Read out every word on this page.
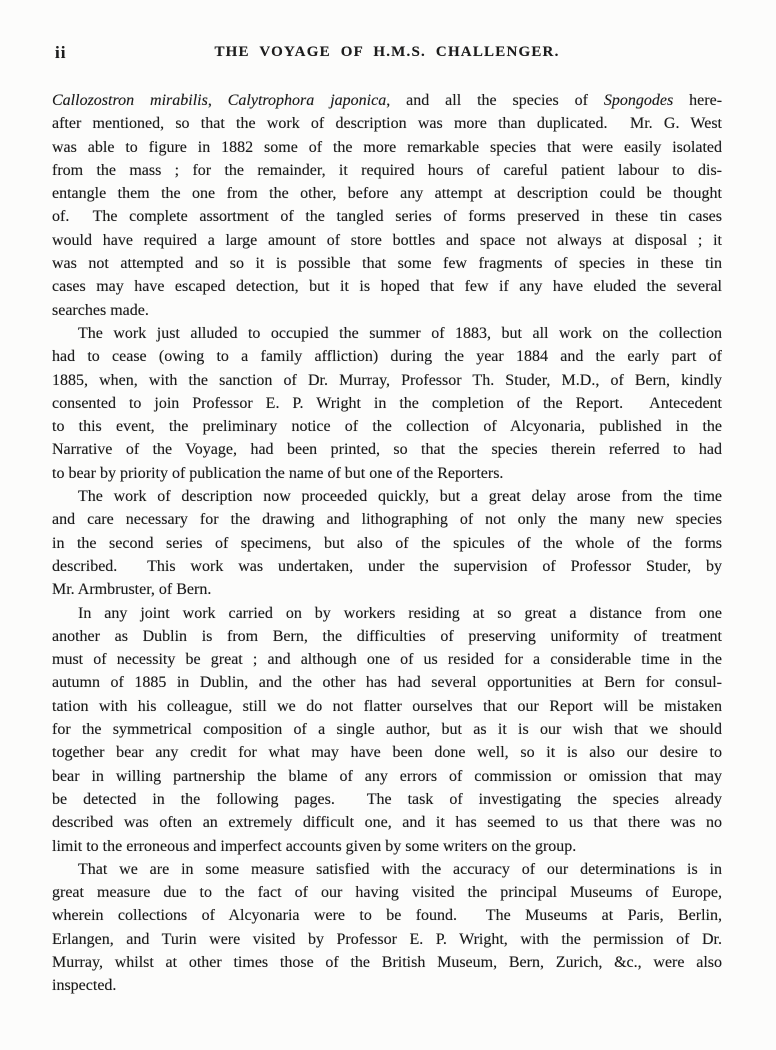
ii	THE VOYAGE OF H.M.S. CHALLENGER.
Callozostron mirabilis, Calytrophora japonica, and all the species of Spongodes here-
after mentioned, so that the work of description was more than duplicated.  Mr. G. West
was able to figure in 1882 some of the more remarkable species that were easily isolated
from the mass ; for the remainder, it required hours of careful patient labour to dis-
entangle them the one from the other, before any attempt at description could be thought
of.  The complete assortment of the tangled series of forms preserved in these tin cases
would have required a large amount of store bottles and space not always at disposal ; it
was not attempted and so it is possible that some few fragments of species in these tin
cases may have escaped detection, but it is hoped that few if any have eluded the several
searches made.
The work just alluded to occupied the summer of 1883, but all work on the collection
had to cease (owing to a family affliction) during the year 1884 and the early part of
1885, when, with the sanction of Dr. Murray, Professor Th. Studer, M.D., of Bern, kindly
consented to join Professor E. P. Wright in the completion of the Report.  Antecedent
to this event, the preliminary notice of the collection of Alcyonaria, published in the
Narrative of the Voyage, had been printed, so that the species therein referred to had
to bear by priority of publication the name of but one of the Reporters.
The work of description now proceeded quickly, but a great delay arose from the time
and care necessary for the drawing and lithographing of not only the many new species
in the second series of specimens, but also of the spicules of the whole of the forms
described.  This work was undertaken, under the supervision of Professor Studer, by
Mr. Armbruster, of Bern.
In any joint work carried on by workers residing at so great a distance from one
another as Dublin is from Bern, the difficulties of preserving uniformity of treatment
must of necessity be great ; and although one of us resided for a considerable time in the
autumn of 1885 in Dublin, and the other has had several opportunities at Bern for consul-
tation with his colleague, still we do not flatter ourselves that our Report will be mistaken
for the symmetrical composition of a single author, but as it is our wish that we should
together bear any credit for what may have been done well, so it is also our desire to
bear in willing partnership the blame of any errors of commission or omission that may
be detected in the following pages.  The task of investigating the species already
described was often an extremely difficult one, and it has seemed to us that there was no
limit to the erroneous and imperfect accounts given by some writers on the group.
That we are in some measure satisfied with the accuracy of our determinations is in
great measure due to the fact of our having visited the principal Museums of Europe,
wherein collections of Alcyonaria were to be found.  The Museums at Paris, Berlin,
Erlangen, and Turin were visited by Professor E. P. Wright, with the permission of Dr.
Murray, whilst at other times those of the British Museum, Bern, Zurich, &c., were also
inspected.
